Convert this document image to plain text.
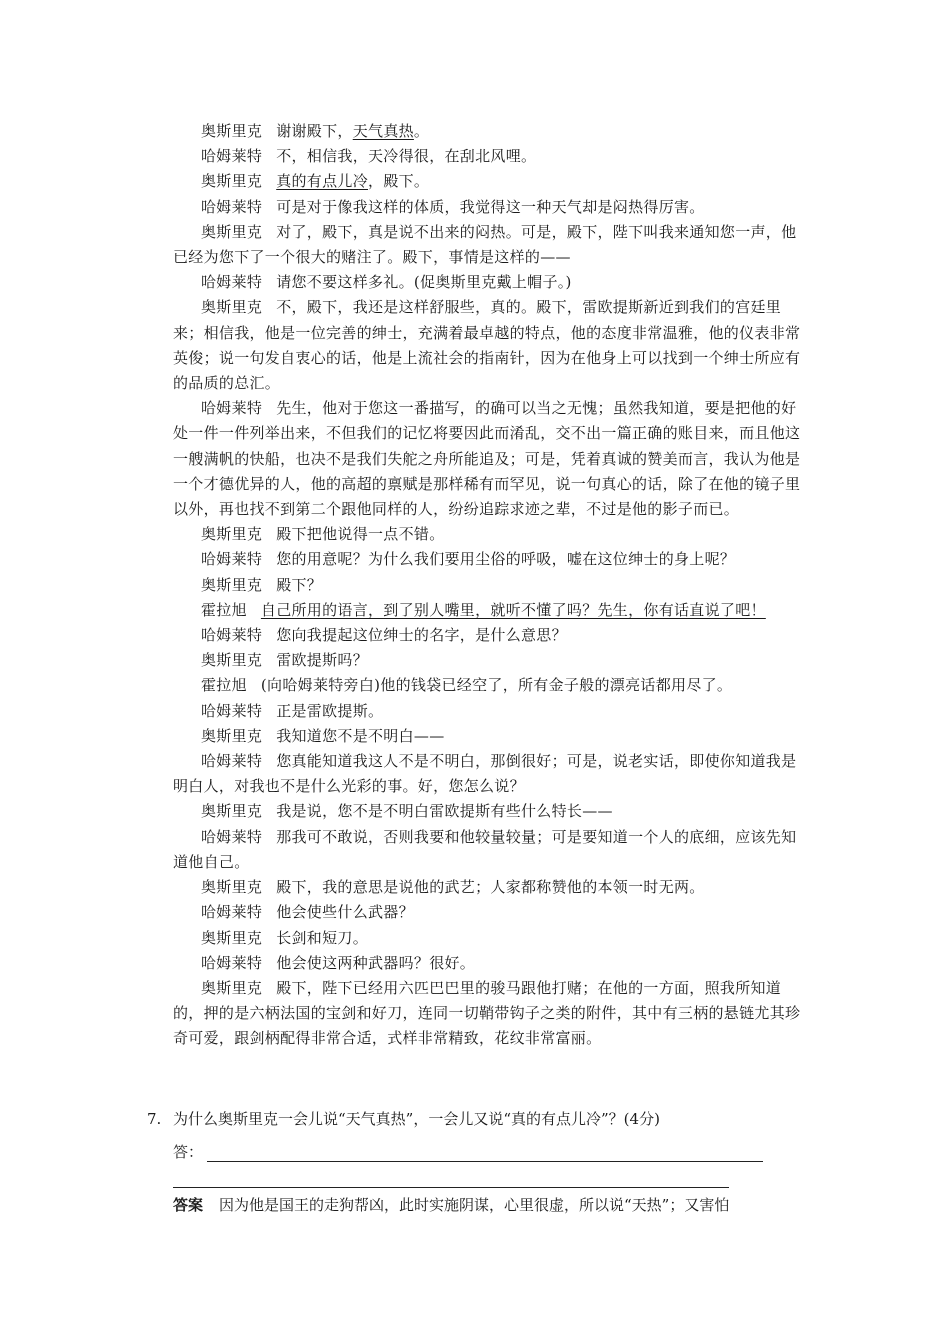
奥斯里克 谢谢殿下，天气真热。

哈姆莱特 不，相信我，天冷得很，在刮北风哩。

奥斯里克 真的有点儿冷，殿下。

哈姆莱特 可是对于像我这样的体质，我觉得这一种天气却是闷热得厉害。

奥斯里克 对了，殿下，真是说不出来的闷热。可是，殿下，陛下叫我来通知您一声，他已经为您下了一个很大的赌注了。殿下，事情是这样的——

哈姆莱特 请您不要这样多礼。(促奥斯里克戴上帽子。)

奥斯里克 不，殿下，我还是这样舒服些，真的。殿下，雷欧提斯新近到我们的宫廷里来；相信我，他是一位完善的绅士，充满着最卓越的特点，他的态度非常温雅，他的仪表非常英俊；说一句发自衷心的话，他是上流社会的指南针，因为在他身上可以找到一个绅士所应有的品质的总汇。

哈姆莱特 先生，他对于您这一番描写，的确可以当之无愧；虽然我知道，要是把他的好处一件一件列举出来，不但我们的记忆将要因此而淆乱，交不出一篇正确的账目来，而且他这一艘满帆的快船，也决不是我们失舵之舟所能追及；可是，凭着真诚的赞美而言，我认为他是一个才德优异的人，他的高超的禀赋是那样稀有而罕见，说一句真心的话，除了在他的镜子里以外，再也找不到第二个跟他同样的人，纷纷追踪求迹之辈，不过是他的影子而已。

奥斯里克 殿下把他说得一点不错。

哈姆莱特 您的用意呢？为什么我们要用尘俗的呼吸，嘘在这位绅士的身上呢？

奥斯里克 殿下？

霍拉旭 自己所用的语言，到了别人嘴里，就听不懂了吗？先生，你有话直说了吧！

哈姆莱特 您向我提起这位绅士的名字，是什么意思？

奥斯里克 雷欧提斯吗？

霍拉旭 (向哈姆莱特旁白)他的钱袋已经空了，所有金子般的漂亮话都用尽了。

哈姆莱特 正是雷欧提斯。

奥斯里克 我知道您不是不明白——

哈姆莱特 您真能知道我这人不是不明白，那倒很好；可是，说老实话，即使你知道我是明白人，对我也不是什么光彩的事。好，您怎么说？

奥斯里克 我是说，您不是不明白雷欧提斯有些什么特长——

哈姆莱特 那我可不敢说，否则我要和他较量较量；可是要知道一个人的底细，应该先知道他自己。

奥斯里克 殿下，我的意思是说他的武艺；人家都称赞他的本领一时无两。

哈姆莱特 他会使些什么武器？

奥斯里克 长剑和短刀。

哈姆莱特 他会使这两种武器吗？很好。

奥斯里克 殿下，陛下已经用六匹巴巴里的骏马跟他打赌；在他的一方面，照我所知道的，押的是六柄法国的宝剑和好刀，连同一切鞘带钩子之类的附件，其中有三柄的悬链尤其珍奇可爱，跟剑柄配得非常合适，式样非常精致，花纹非常富丽。

7. 为什么奥斯里克一会儿说“天气真热”，一会儿又说“真的有点儿冷”？(4分)
答：
答案 因为他是国王的走狗帮凶，此时实施阴谋，心里很虚，所以说“天热”；又害怕
